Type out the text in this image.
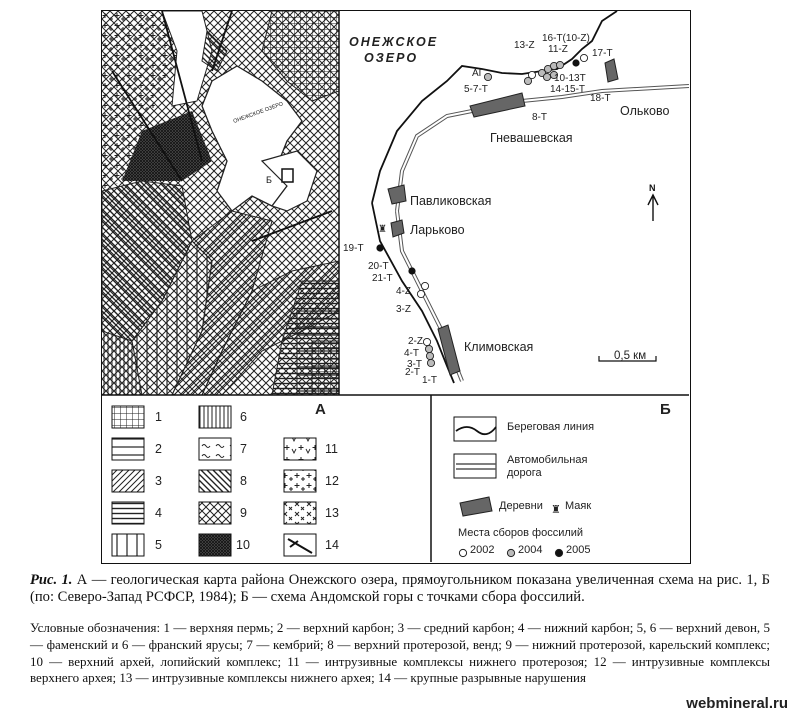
ОНЕЖСКОЕ ОЗЕРО
Б
♜
N
♜
А	Б
ОНЕЖСКОЕ
ОЗЕРО
Гневашевская
Павликовская
Ларьково
Климовская
Ольково
0,5 км
16-T(10-Z)
11-Z
13-Z
АГ
5-7-T
10-13T
14-15-T
17-T
18-T
8-T
19-T
20-T
21-T
4-Z
3-Z
2-Z
4-T
3-T
2-T
1-T
1
2
3
4
5
6
7
8
9
10
11
12
13
14
Береговая линия
Автомобильная дорога
Деревни Маяк
Места сборов фоссилий
2002 2004 2005
Рис. 1. А — геологическая карта района Онежского озера, прямоугольником показана увеличенная схема на рис. 1, Б (по: Северо-Запад РСФСР, 1984); Б — схема Андомской горы с точками сбора фоссилий.
Условные обозначения: 1 — верхняя пермь; 2 — верхний карбон; 3 — средний карбон; 4 — нижний карбон; 5, 6 — верхний девон, 5 — фаменский и 6 — франский ярусы; 7 — кембрий; 8 — верхний протерозой, венд; 9 — нижний протерозой, карельский комплекс; 10 — верхний архей, лопийский комплекс; 11 — интрузивные комплексы нижнего протерозоя; 12 — интрузивные комплексы верхнего архея; 13 — интрузивные комплексы нижнего архея; 14 — крупные разрывные нарушения
webmineral.ru
